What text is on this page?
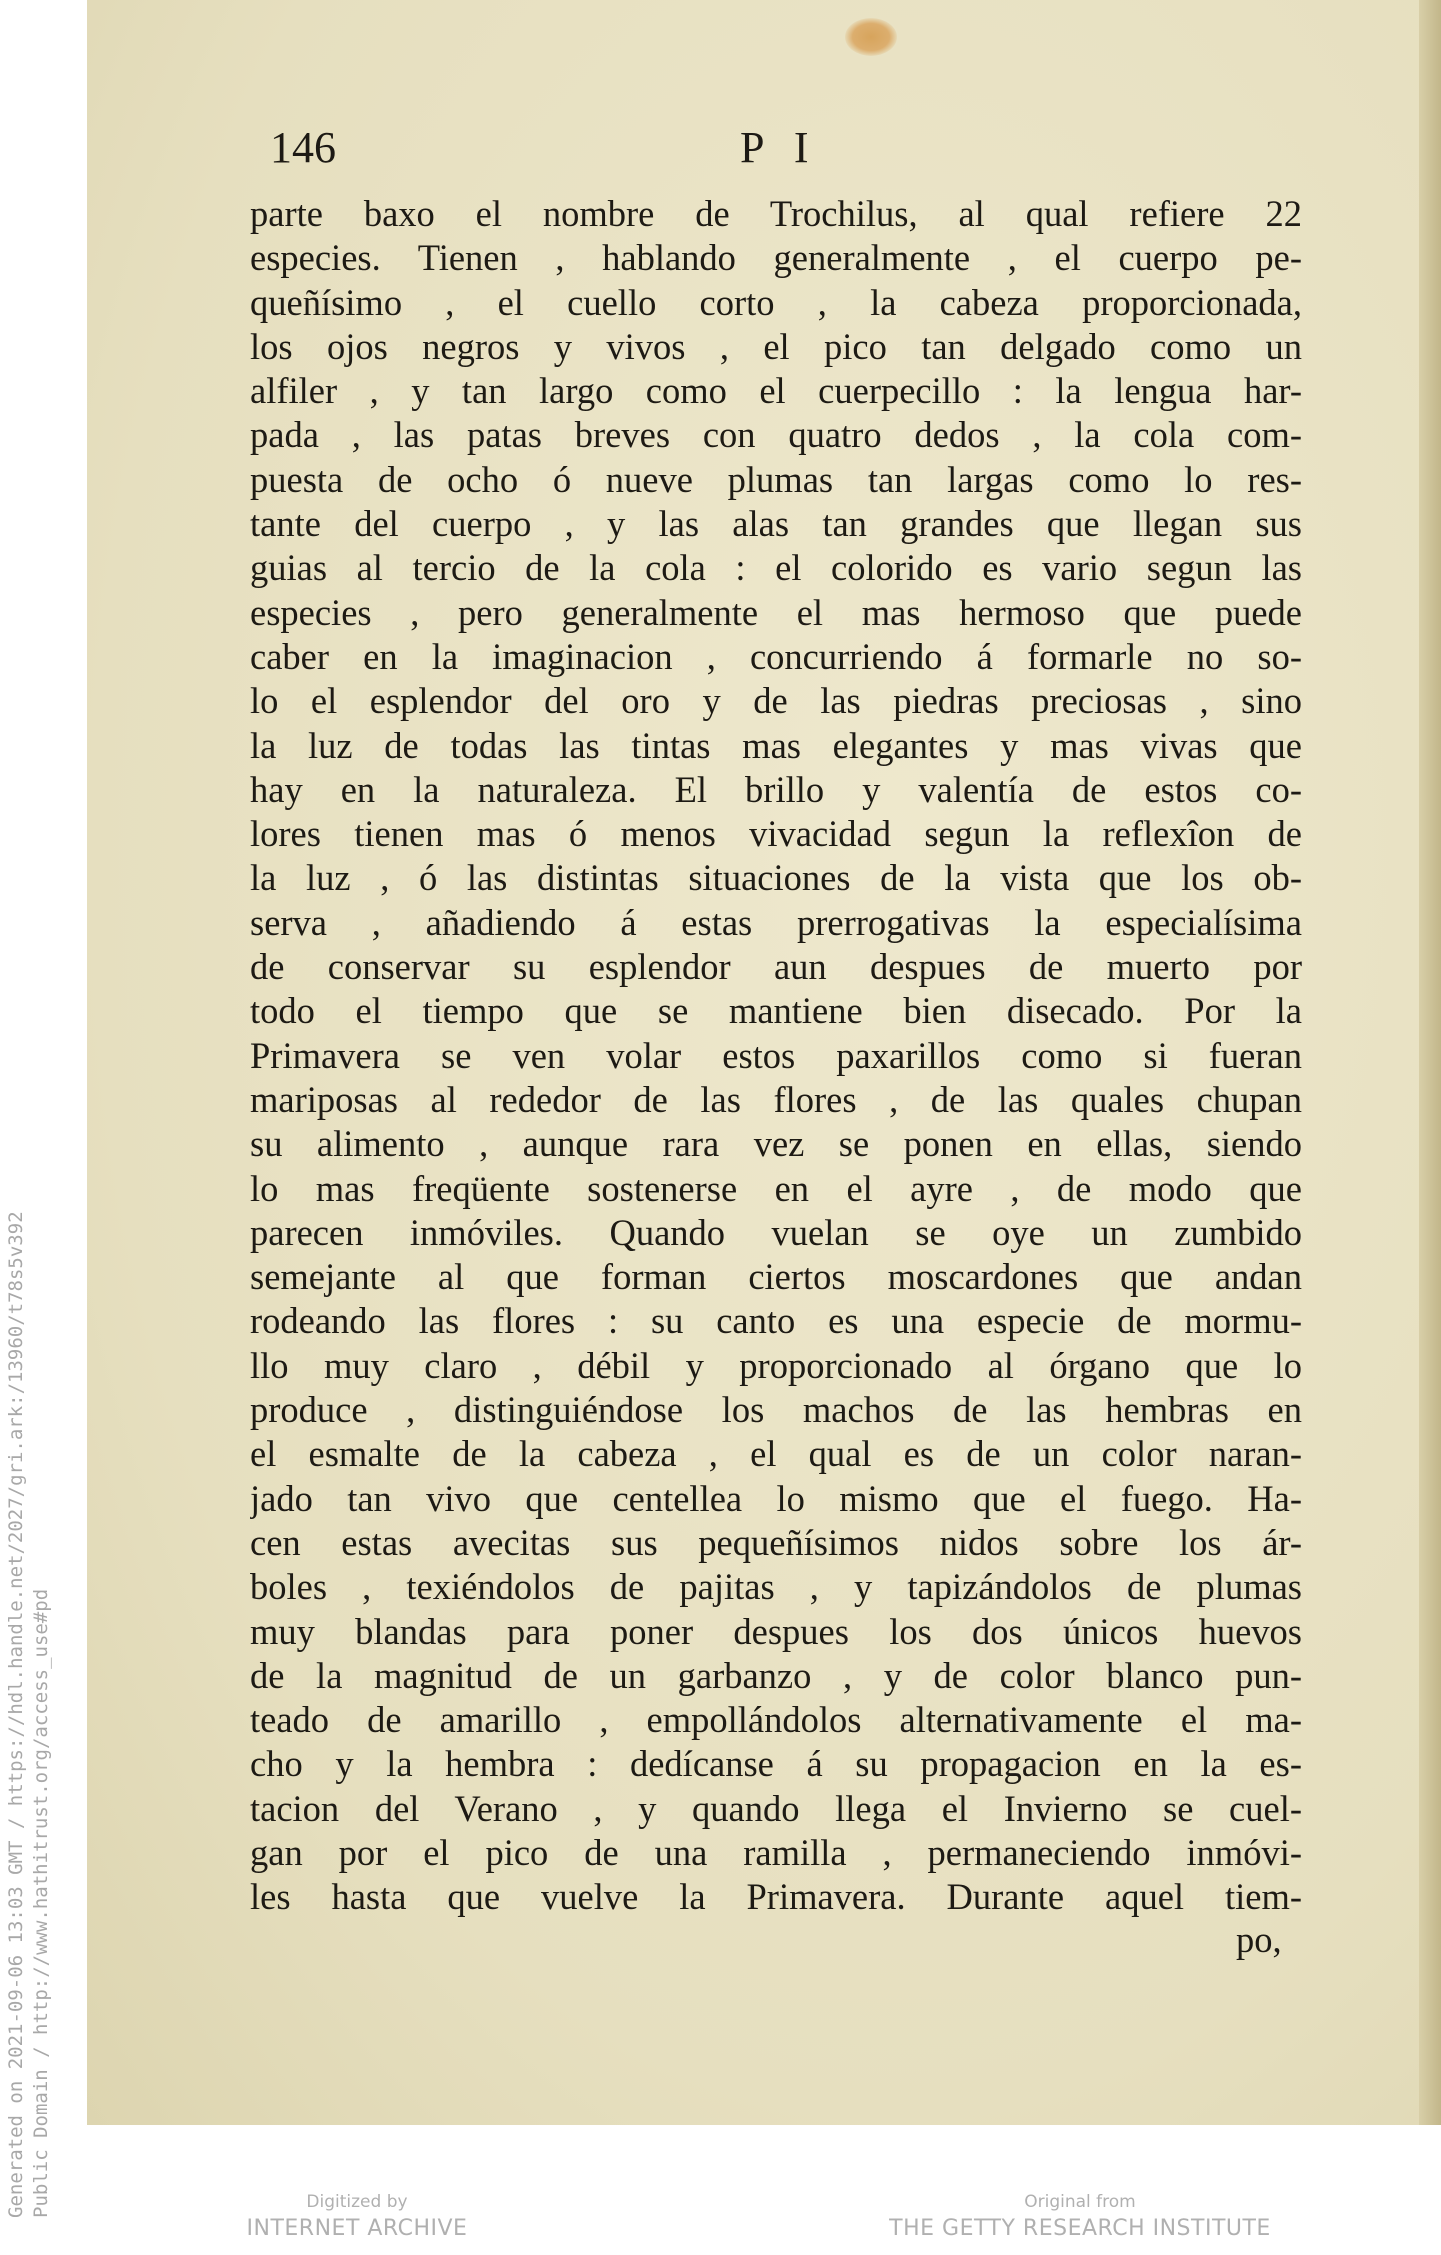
146	P I
parte baxo el nombre de Trochilus, al qual refiere 22
especies. Tienen , hablando generalmente , el cuerpo pe-
queñísimo , el cuello corto , la cabeza proporcionada,
los ojos negros y vivos , el pico tan delgado como un
alfiler , y tan largo como el cuerpecillo : la lengua har-
pada , las patas breves con quatro dedos , la cola com-
puesta de ocho ó nueve plumas tan largas como lo res-
tante del cuerpo , y las alas tan grandes que llegan sus
guias al tercio de la cola : el colorido es vario segun las
especies , pero generalmente el mas hermoso que puede
caber en la imaginacion , concurriendo á formarle no so-
lo el esplendor del oro y de las piedras preciosas , sino
la luz de todas las tintas mas elegantes y mas vivas que
hay en la naturaleza. El brillo y valentía de estos co-
lores tienen mas ó menos vivacidad segun la reflexîon de
la luz , ó las distintas situaciones de la vista que los ob-
serva , añadiendo á estas prerrogativas la especialísima
de conservar su esplendor aun despues de muerto por
todo el tiempo que se mantiene bien disecado. Por la
Primavera se ven volar estos paxarillos como si fueran
mariposas al rededor de las flores , de las quales chupan
su alimento , aunque rara vez se ponen en ellas, siendo
lo mas freqüente sostenerse en el ayre , de modo que
parecen inmóviles. Quando vuelan se oye un zumbido
semejante al que forman ciertos moscardones que andan
rodeando las flores : su canto es una especie de mormu-
llo muy claro , débil y proporcionado al órgano que lo
produce , distinguiéndose los machos de las hembras en
el esmalte de la cabeza , el qual es de un color naran-
jado tan vivo que centellea lo mismo que el fuego. Ha-
cen estas avecitas sus pequeñísimos nidos sobre los ár-
boles , texiéndolos de pajitas , y tapizándolos de plumas
muy blandas para poner despues los dos únicos huevos
de la magnitud de un garbanzo , y de color blanco pun-
teado de amarillo , empollándolos alternativamente el ma-
cho y la hembra : dedícanse á su propagacion en la es-
tacion del Verano , y quando llega el Invierno se cuel-
gan por el pico de una ramilla , permaneciendo inmóvi-
les hasta que vuelve la Primavera. Durante aquel tiem-
po,
Generated on 2021-09-06 13:03 GMT / https://hdl.handle.net/2027/gri.ark:/13960/t78s5v392 Public Domain / http://www.hathitrust.org/access_use#pd	Digitized by
INTERNET ARCHIVE
Original from
THE GETTY RESEARCH INSTITUTE
